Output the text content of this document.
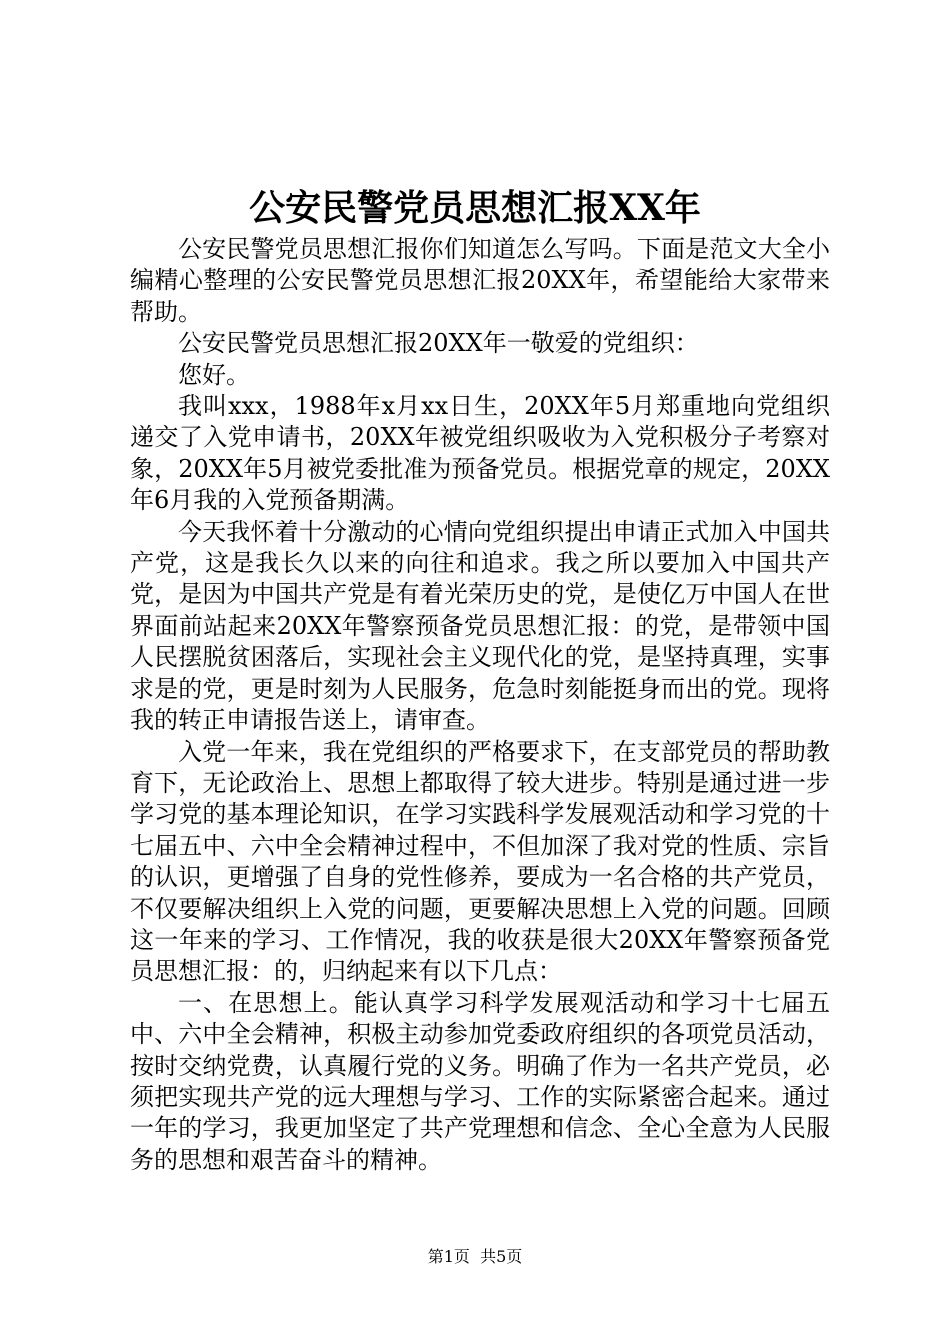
公安民警党员思想汇报XX年

公安民警党员思想汇报你们知道怎么写吗。下面是范文大全小编精心整理的公安民警党员思想汇报20XX年，希望能给大家带来帮助。

公安民警党员思想汇报20XX年一敬爱的党组织：

您好。

我叫xxx，1988年x月xx日生，20XX年5月郑重地向党组织递交了入党申请书，20XX年被党组织吸收为入党积极分子考察对象，20XX年5月被党委批准为预备党员。根据党章的规定，20XX年6月我的入党预备期满。

今天我怀着十分激动的心情向党组织提出申请正式加入中国共产党，这是我长久以来的向往和追求。我之所以要加入中国共产党，是因为中国共产党是有着光荣历史的党，是使亿万中国人在世界面前站起来20XX年警察预备党员思想汇报：的党，是带领中国人民摆脱贫困落后，实现社会主义现代化的党，是坚持真理，实事求是的党，更是时刻为人民服务，危急时刻能挺身而出的党。现将我的转正申请报告送上，请审查。

入党一年来，我在党组织的严格要求下，在支部党员的帮助教育下，无论政治上、思想上都取得了较大进步。特别是通过进一步学习党的基本理论知识，在学习实践科学发展观活动和学习党的十七届五中、六中全会精神过程中，不但加深了我对党的性质、宗旨的认识，更增强了自身的党性修养，要成为一名合格的共产党员，不仅要解决组织上入党的问题，更要解决思想上入党的问题。回顾这一年来的学习、工作情况，我的收获是很大20XX年警察预备党员思想汇报：的，归纳起来有以下几点：

一、在思想上。能认真学习科学发展观活动和学习十七届五中、六中全会精神，积极主动参加党委政府组织的各项党员活动，按时交纳党费，认真履行党的义务。明确了作为一名共产党员，必须把实现共产党的远大理想与学习、工作的实际紧密合起来。通过一年的学习，我更加坚定了共产党理想和信念、全心全意为人民服务的思想和艰苦奋斗的精神。

第1页 共5页
